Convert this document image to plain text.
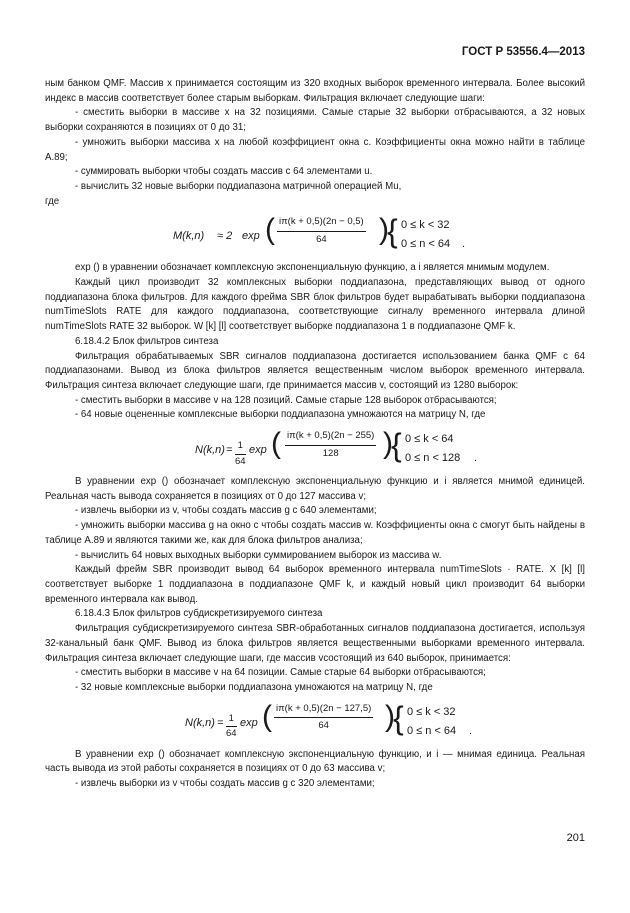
ГОСТ Р 53556.4—2013

ным банком QMF. Массив x принимается состоящим из 320 входных выборок временного интервала. Более высокий индекс в массив соответствует более старым выборкам. Фильтрация включает следующие шаги:

- сместить выборки в массиве x на 32 позициями. Самые старые 32 выборки отбрасываются, а 32 новых выборки сохраняются в позициях от 0 до 31;

- умножить выборки массива x на любой коэффициент окна c. Коэффициенты окна можно найти в таблице А.89;

- суммировать выборки чтобы создать массив c 64 элементами u.

- вычислить 32 новые выборки поддиапазона матричной операцией Mu,

где

M(k,n) ≈ 2 exp ( $\frac{i\pi(k + 0,5)(2n - 0,5)}{64}$ )
{ 0 ≤ k < 32
0 ≤ n < 64 .

exp () в уравнении обозначает комплексную экспоненциальную функцию, а i является мнимым модулем.

Каждый цикл производит 32 комплексных выборки поддиапазона, представляющих вывод от одного поддиапазона блока фильтров. Для каждого фрейма SBR блок фильтров будет вырабатывать выборки поддиапазона numTimeSlots RATE для каждого поддиапазона, соответствующие сигналу временного интервала длиной numTimeSlots RATE 32 выборок. W [k] [l] соответствует выборке поддиапазона 1 в поддиапазоне QMF k.

6.18.4.2 Блок фильтров синтеза

Фильтрация обрабатываемых SBR сигналов поддиапазона достигается использованием банка QMF c 64 поддиапазонами. Вывод из блока фильтров является вещественным числом выборок временного интервала. Фильтрация синтеза включает следующие шаги, где принимается массив v, состоящий из 1280 выборок:

- сместить выборки в массиве v на 128 позиций. Самые старые 128 выборок отбрасываются;

- 64 новые оцененные комплексные выборки поддиапазона умножаются на матрицу N, где

$N(k,n) = \frac{1}{64}$ exp ( $\frac{i\pi(k + 0,5)(2n - 255)}{128}$ )
{ 0 ≤ k < 64
0 ≤ n < 128 .

В уравнении exp () обозначает комплексную экспоненциальную функцию и i является мнимой единицей. Реальная часть вывода сохраняется в позициях от 0 до 127 массива v;

- извлечь выборки из v, чтобы создать массив g c 640 элементами;

- умножить выборки массива g на окно c чтобы создать массив w. Коэффициенты окна c смогут быть найдены в таблице А.89 и являются такими же, как для блока фильтров анализа;

- вычислить 64 новых выходных выборки суммированием выборок из массива w.

Каждый фрейм SBR производит вывод 64 выборок временного интервала numTimeSlots · RATE. X [k] [l] соответствует выборке 1 поддиапазона в поддиапазоне QMF k, и каждый новый цикл производит 64 выборки временного интервала как вывод.

6.18.4.3 Блок фильтров субдискретизируемого синтеза

Фильтрация субдискретизируемого синтеза SBR-обработанных сигналов поддиапазона достигается, используя 32-канальный банк QMF. Вывод из блока фильтров является вещественными выборками временного интервала. Фильтрация синтеза включает следующие шаги, где массив vсостоящий из 640 выборок, принимается:

- сместить выборки в массиве v на 64 позиции. Самые старые 64 выборки отбрасываются;

- 32 новые комплексные выборки поддиапазона умножаются на матрицу N, где

$N(k,n) = \frac{1}{64}$ exp ( $\frac{i\pi(k + 0,5)(2n - 127,5)}{64}$ )
{ 0 ≤ k < 32
0 ≤ n < 64 .

В уравнении exp () обозначает комплексную экспоненциальную функцию, и i — мнимая единица. Реальная часть вывода из этой работы сохраняется в позициях от 0 до 63 массива v;

- извлечь выборки из v чтобы создать массив g c 320 элементами;

201
